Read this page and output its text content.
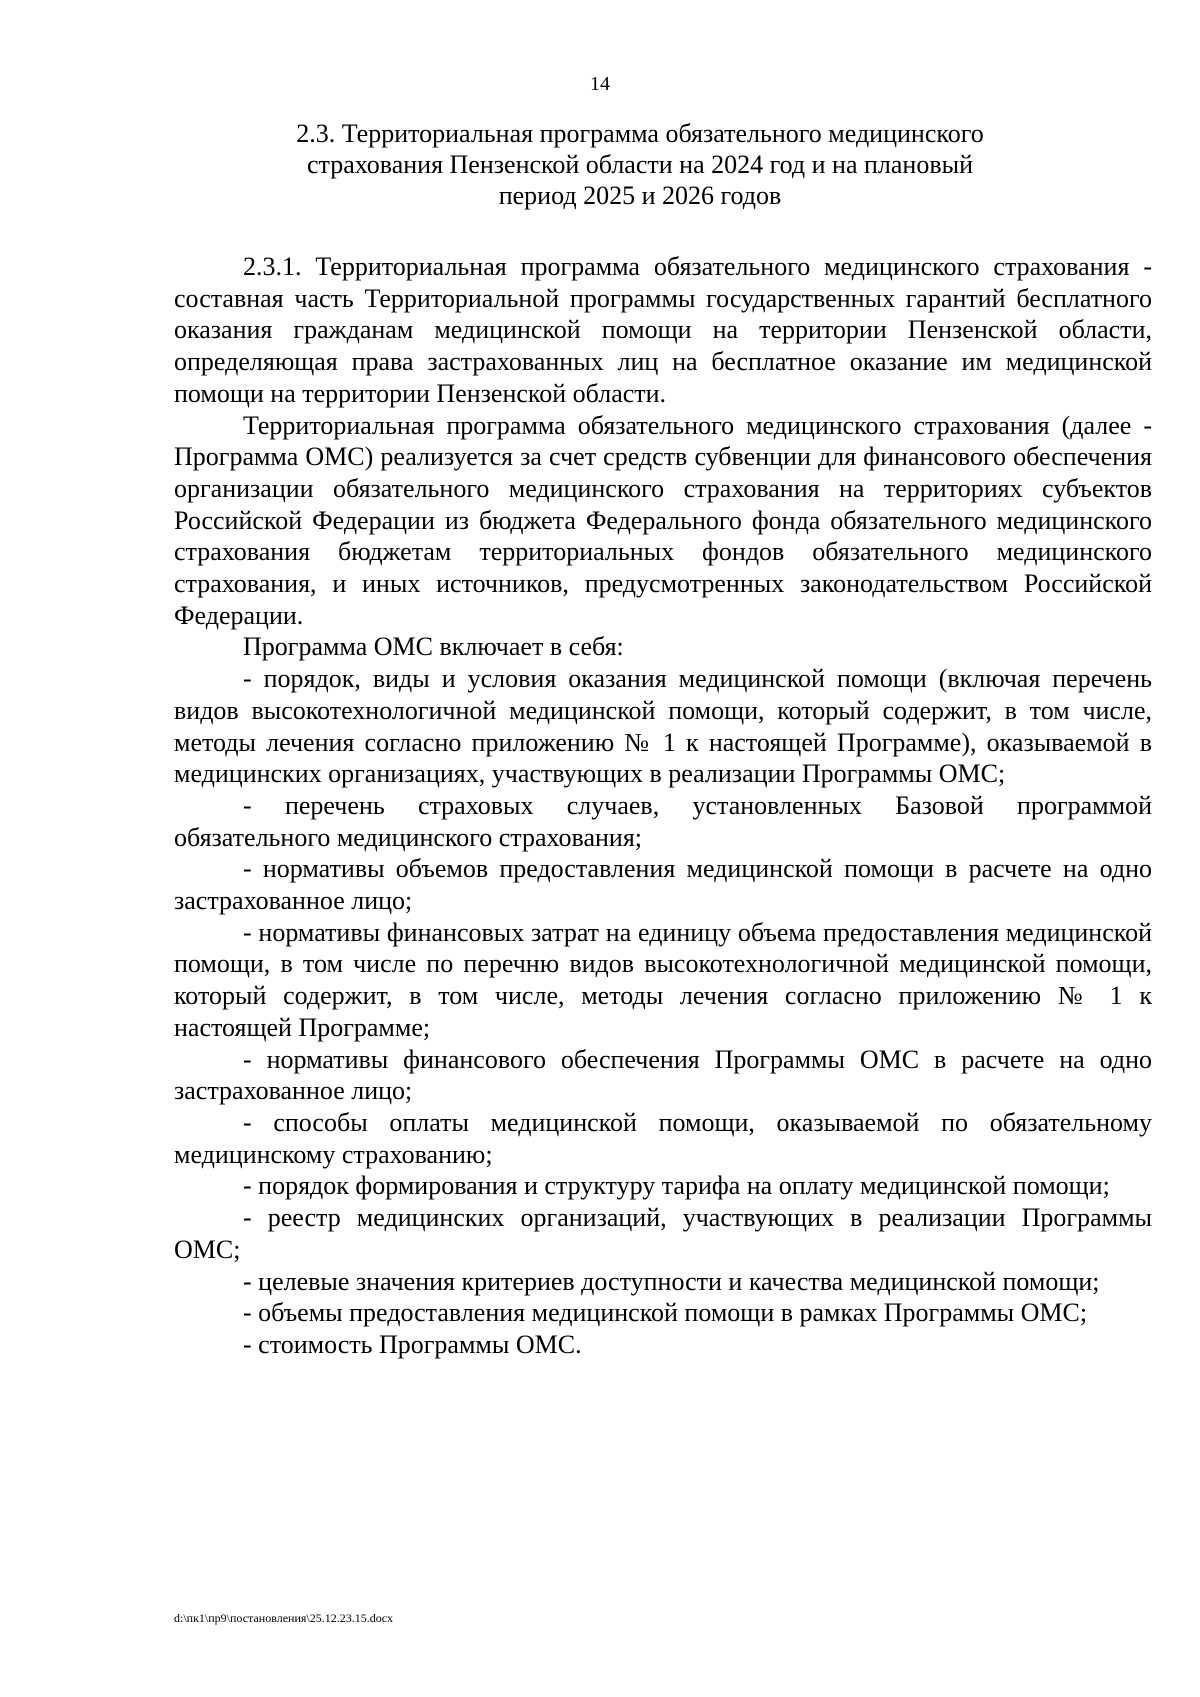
14
2.3. Территориальная программа обязательного медицинского
страхования Пензенской области на 2024 год и на плановый
период 2025 и 2026 годов

2.3.1. Территориальная программа обязательного медицинского страхования - составная часть Территориальной программы государственных гарантий бесплатного оказания гражданам медицинской помощи на территории Пензенской области, определяющая права застрахованных лиц на бесплатное оказание им медицинской помощи на территории Пензенской области.

Территориальная программа обязательного медицинского страхования (далее - Программа ОМС) реализуется за счет средств субвенции для финансового обеспечения организации обязательного медицинского страхования на территориях субъектов Российской Федерации из бюджета Федерального фонда обязательного медицинского страхования бюджетам территориальных фондов обязательного медицинского страхования, и иных источников, предусмотренных законодательством Российской Федерации.

Программа ОМС включает в себя:

- порядок, виды и условия оказания медицинской помощи (включая перечень видов высокотехнологичной медицинской помощи, который содержит, в том числе, методы лечения согласно приложению № 1 к настоящей Программе), оказываемой в медицинских организациях, участвующих в реализации Программы ОМС;

- перечень страховых случаев, установленных Базовой программой обязательного медицинского страхования;

- нормативы объемов предоставления медицинской помощи в расчете на одно застрахованное лицо;

- нормативы финансовых затрат на единицу объема предоставления медицинской помощи, в том числе по перечню видов высокотехнологичной медицинской помощи, который содержит, в том числе, методы лечения согласно приложению № 1 к настоящей Программе;

- нормативы финансового обеспечения Программы ОМС в расчете на одно застрахованное лицо;

- способы оплаты медицинской помощи, оказываемой по обязательному медицинскому страхованию;

- порядок формирования и структуру тарифа на оплату медицинской помощи;

- реестр медицинских организаций, участвующих в реализации Программы ОМС;

- целевые значения критериев доступности и качества медицинской помощи;

- объемы предоставления медицинской помощи в рамках Программы ОМС;

- стоимость Программы ОМС.

d:\пк1\пр9\постановления\25.12.23.15.docx
